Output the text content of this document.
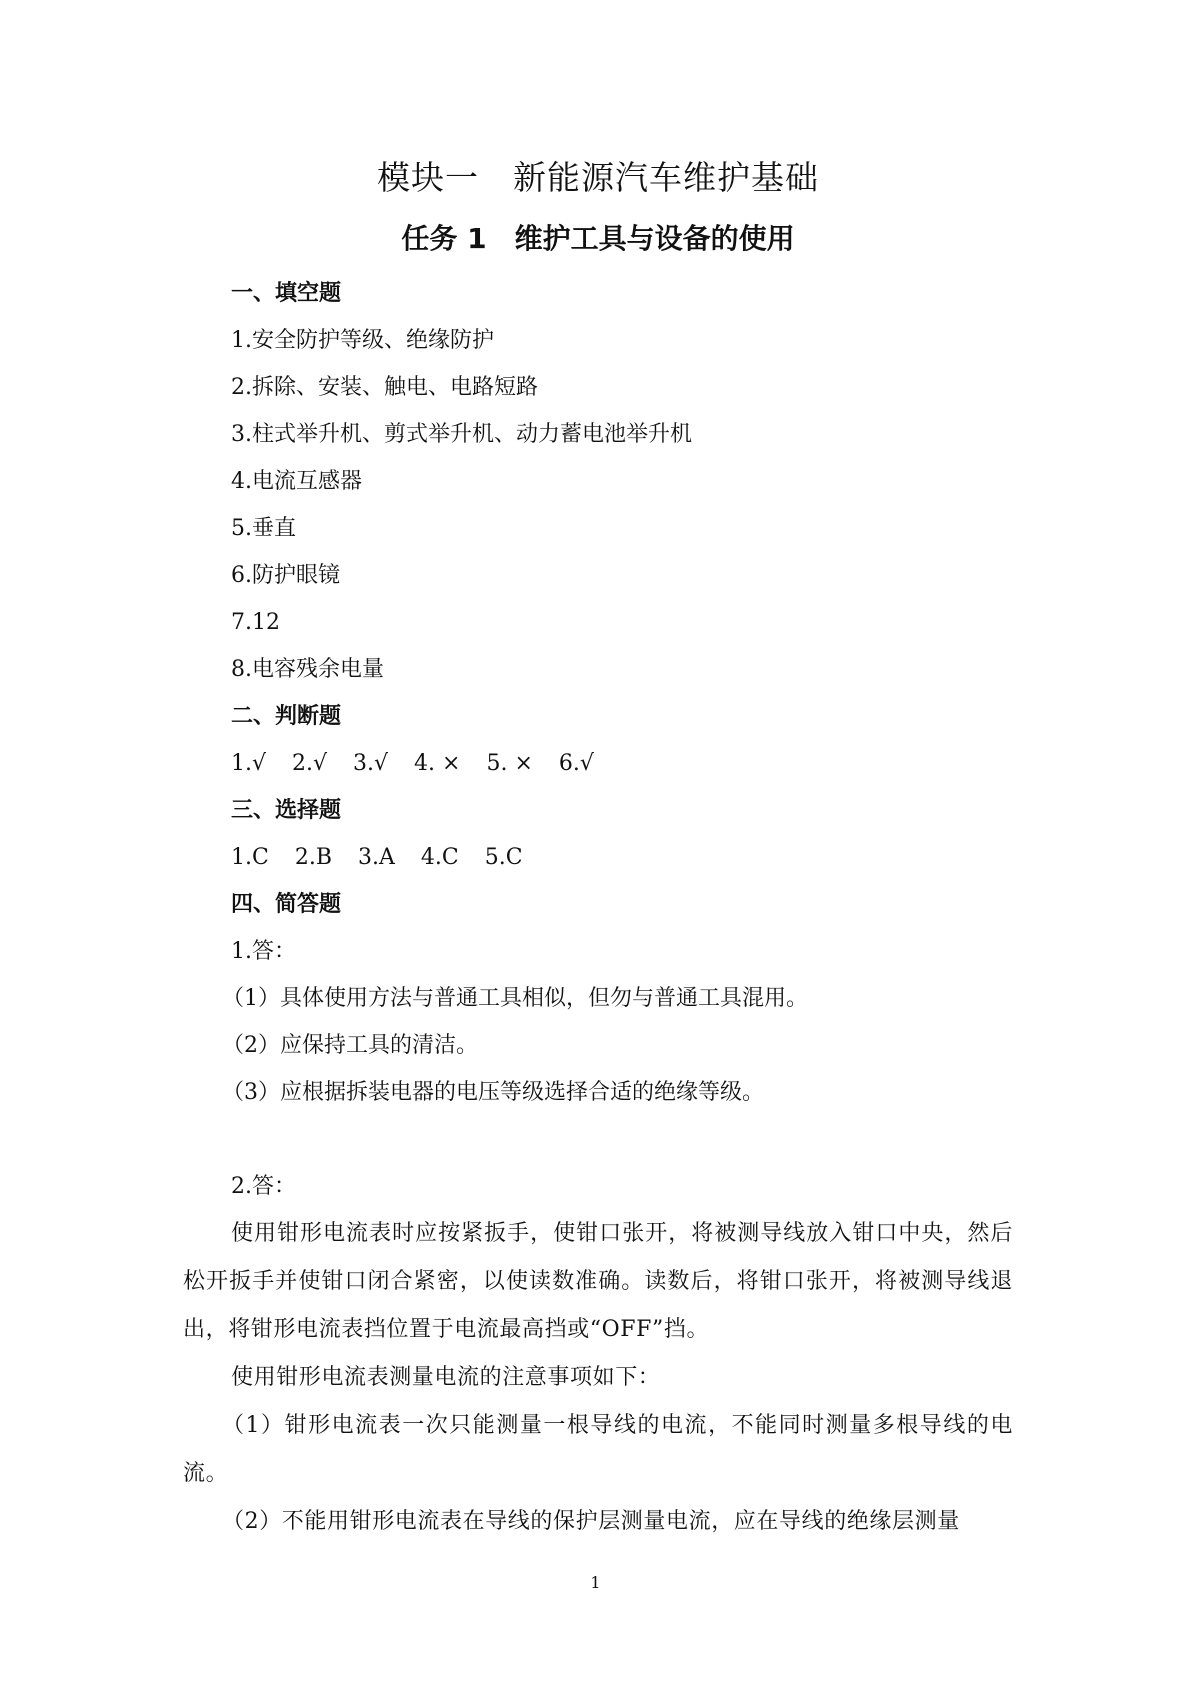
模块一　新能源汽车维护基础
任务 1　维护工具与设备的使用
一、填空题
1.安全防护等级、绝缘防护
2.拆除、安装、触电、电路短路
3.柱式举升机、剪式举升机、动力蓄电池举升机
4.电流互感器
5.垂直
6.防护眼镜
7.12
8.电容残余电量
二、判断题
1.√ 2.√ 3.√ 4. × 5. × 6.√
三、选择题
1.C 2.B 3.A 4.C 5.C
四、简答题
1.答：
（1）具体使用方法与普通工具相似，但勿与普通工具混用。
（2）应保持工具的清洁。
（3）应根据拆装电器的电压等级选择合适的绝缘等级。
2.答：

使用钳形电流表时应按紧扳手，使钳口张开，将被测导线放入钳口中央，然后松开扳手并使钳口闭合紧密，以使读数准确。读数后，将钳口张开，将被测导线退出，将钳形电流表挡位置于电流最高挡或“OFF”挡。

使用钳形电流表测量电流的注意事项如下：

（1）钳形电流表一次只能测量一根导线的电流，不能同时测量多根导线的电流。

（2）不能用钳形电流表在导线的保护层测量电流，应在导线的绝缘层测量

1
